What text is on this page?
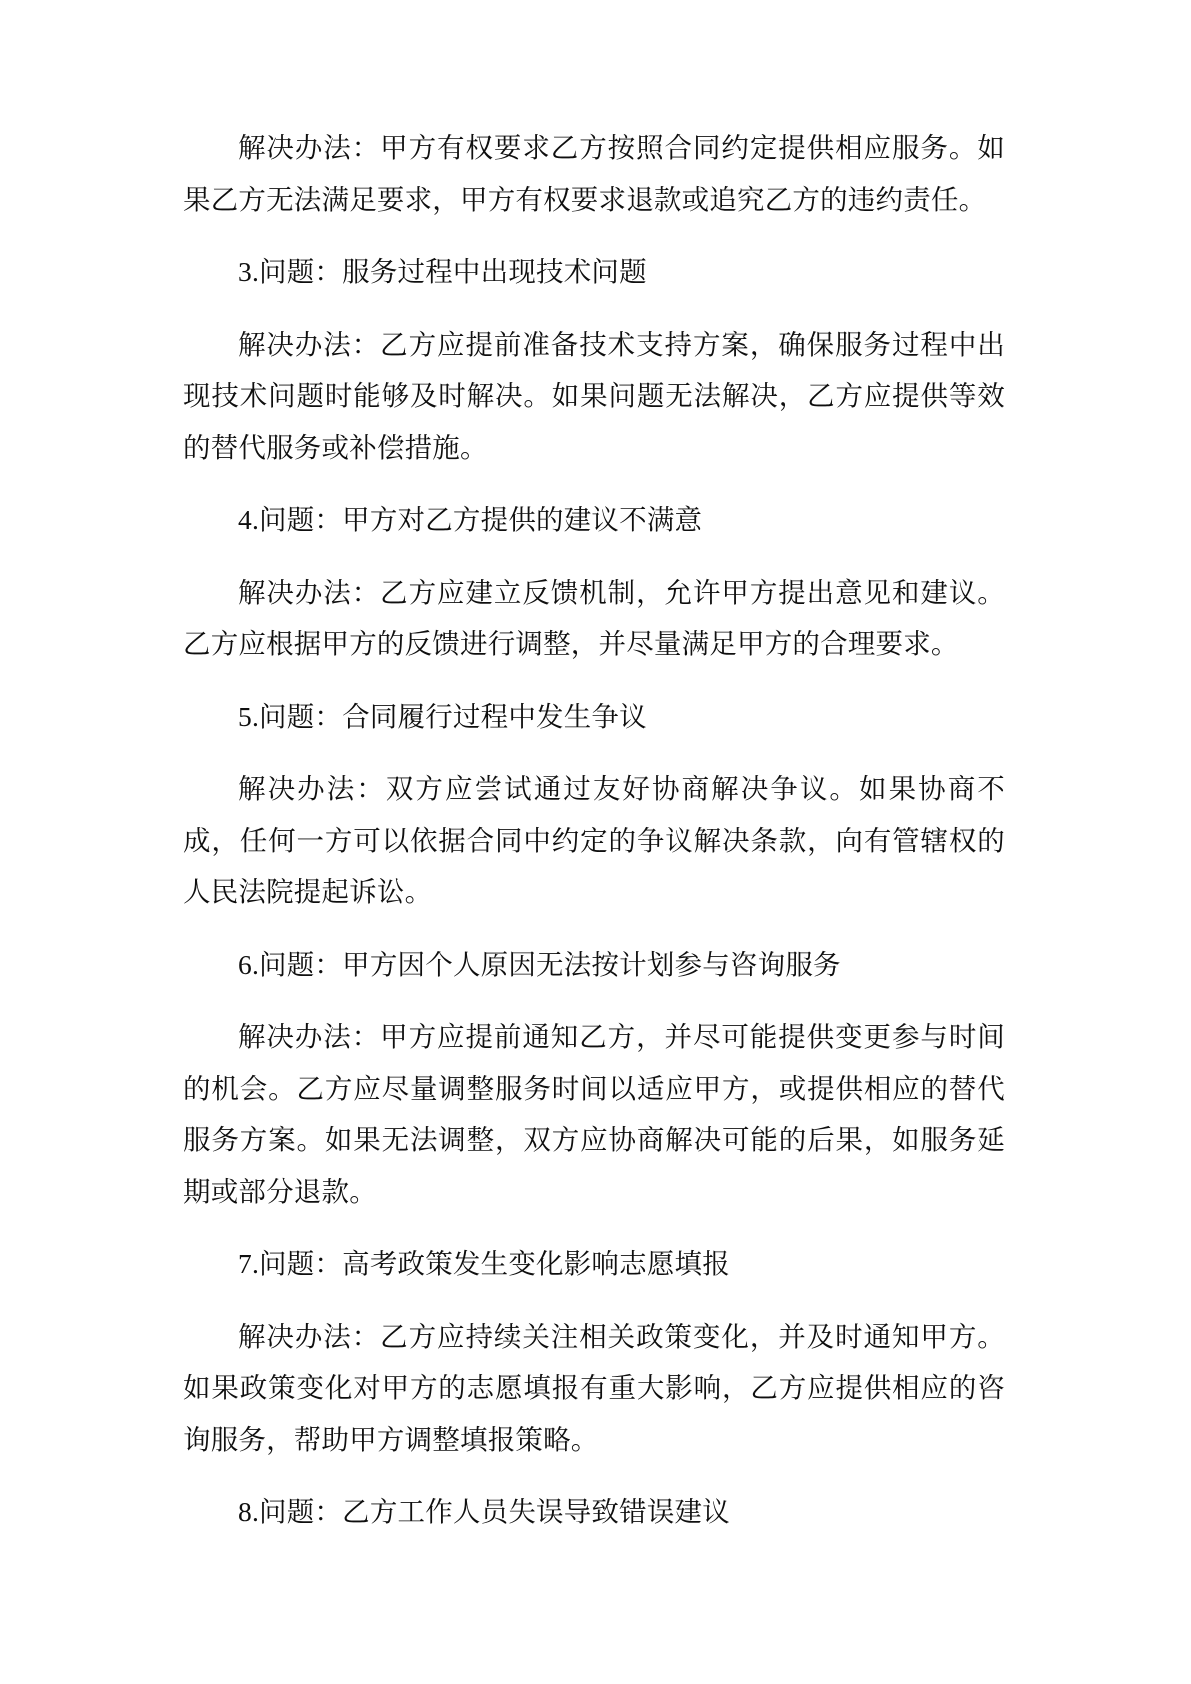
解决办法：甲方有权要求乙方按照合同约定提供相应服务。如果乙方无法满足要求，甲方有权要求退款或追究乙方的违约责任。

3.问题：服务过程中出现技术问题

解决办法：乙方应提前准备技术支持方案，确保服务过程中出现技术问题时能够及时解决。如果问题无法解决，乙方应提供等效的替代服务或补偿措施。

4.问题：甲方对乙方提供的建议不满意

解决办法：乙方应建立反馈机制，允许甲方提出意见和建议。乙方应根据甲方的反馈进行调整，并尽量满足甲方的合理要求。

5.问题：合同履行过程中发生争议

解决办法：双方应尝试通过友好协商解决争议。如果协商不成，任何一方可以依据合同中约定的争议解决条款，向有管辖权的人民法院提起诉讼。

6.问题：甲方因个人原因无法按计划参与咨询服务

解决办法：甲方应提前通知乙方，并尽可能提供变更参与时间的机会。乙方应尽量调整服务时间以适应甲方，或提供相应的替代服务方案。如果无法调整，双方应协商解决可能的后果，如服务延期或部分退款。

7.问题：高考政策发生变化影响志愿填报

解决办法：乙方应持续关注相关政策变化，并及时通知甲方。如果政策变化对甲方的志愿填报有重大影响，乙方应提供相应的咨询服务，帮助甲方调整填报策略。

8.问题：乙方工作人员失误导致错误建议
